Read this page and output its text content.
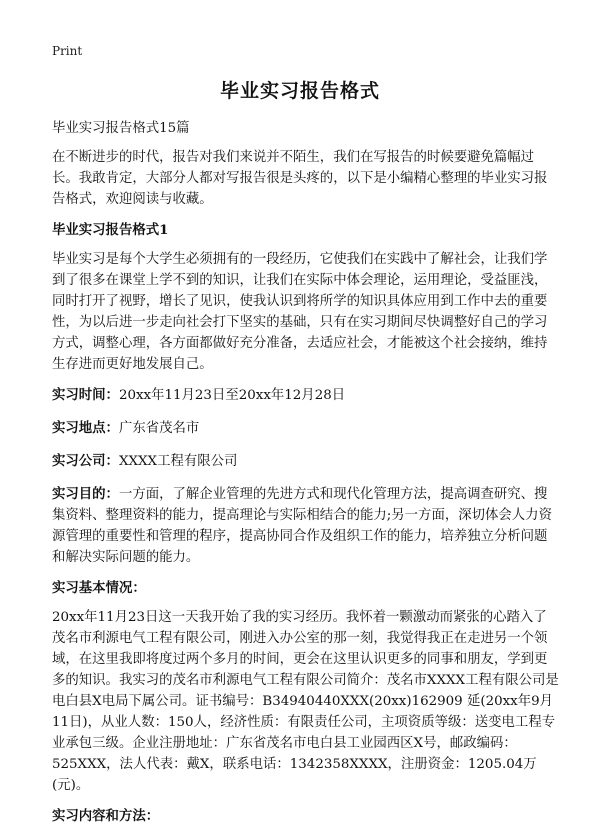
Print
毕业实习报告格式

毕业实习报告格式15篇

在不断进步的时代，报告对我们来说并不陌生，我们在写报告的时候要避免篇幅过长。我敢肯定，大部分人都对写报告很是头疼的，以下是小编精心整理的毕业实习报告格式，欢迎阅读与收藏。

毕业实习报告格式1

毕业实习是每个大学生必须拥有的一段经历，它使我们在实践中了解社会，让我们学到了很多在课堂上学不到的知识，让我们在实际中体会理论，运用理论，受益匪浅，同时打开了视野，增长了见识，使我认识到将所学的知识具体应用到工作中去的重要性，为以后进一步走向社会打下坚实的基础，只有在实习期间尽快调整好自己的学习方式，调整心理，各方面都做好充分准备，去适应社会，才能被这个社会接纳，维持生存进而更好地发展自己。

实习时间：20xx年11月23日至20xx年12月28日

实习地点：广东省茂名市

实习公司：XXXX工程有限公司

实习目的：一方面，了解企业管理的先进方式和现代化管理方法，提高调查研究、搜集资料、整理资料的能力，提高理论与实际相结合的能力;另一方面，深切体会人力资源管理的重要性和管理的程序，提高协同合作及组织工作的能力，培养独立分析问题和解决实际问题的能力。

实习基本情况：

20xx年11月23日这一天我开始了我的实习经历。我怀着一颗激动而紧张的心踏入了茂名市利源电气工程有限公司，刚进入办公室的那一刻，我觉得我正在走进另一个领域，在这里我即将度过两个多月的时间，更会在这里认识更多的同事和朋友，学到更多的知识。我实习的茂名市利源电气工程有限公司简介：茂名市XXXX工程有限公司是电白县X电局下属公司。证书编号：B34940440XXX(20xx)162909 延(20xx年9月11日)，从业人数：150人，经济性质：有限责任公司，主项资质等级：送变电工程专业承包三级。企业注册地址：广东省茂名市电白县工业园西区X号，邮政编码：525XXX，法人代表：戴X，联系电话：1342358XXXX，注册资金：1205.04万(元)。

实习内容和方法：
